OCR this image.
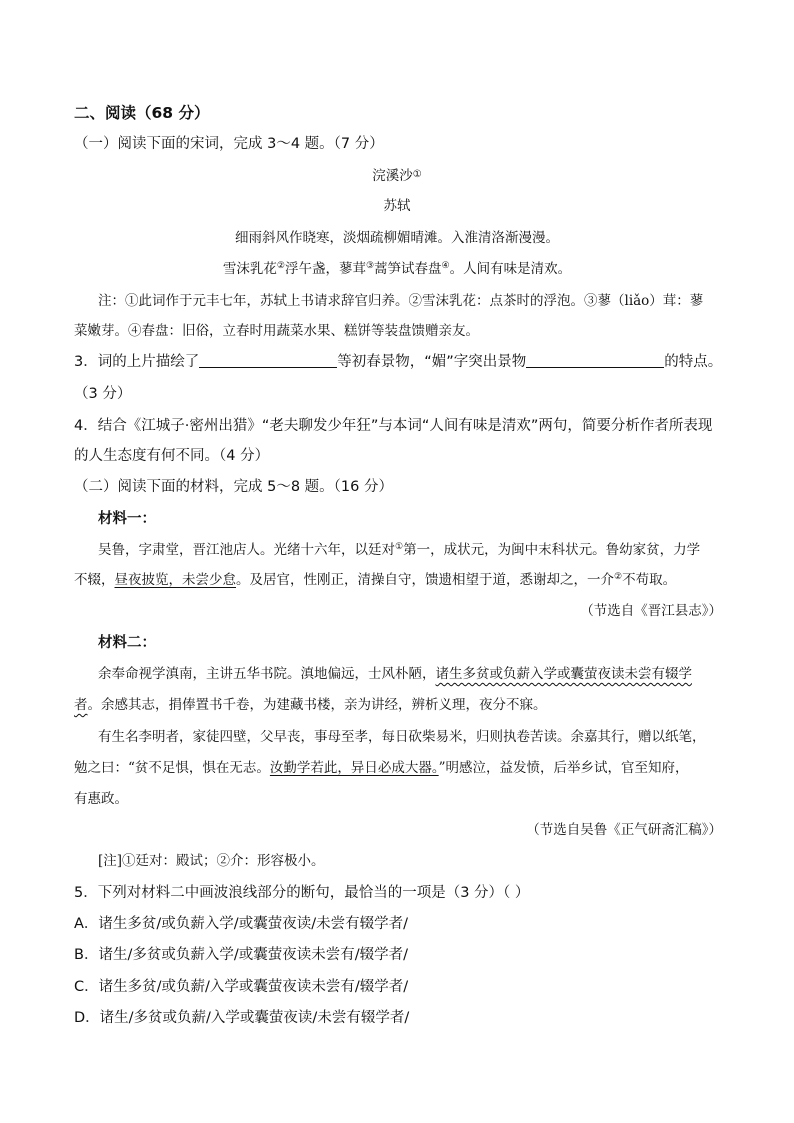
二、阅读（68 分）
（一）阅读下面的宋词，完成 3～4 题。（7 分）
浣溪沙①
苏轼
细雨斜风作晓寒，淡烟疏柳媚晴滩。入淮清洛渐漫漫。
雪沫乳花②浮午盏，蓼茸③蒿笋试春盘④。人间有味是清欢。
注：①此词作于元丰七年，苏轼上书请求辞官归养。②雪沫乳花：点茶时的浮泡。③蓼（liǎo）茸：蓼
菜嫩芽。④春盘：旧俗，立春时用蔬菜水果、糕饼等装盘馈赠亲友。
3．词的上片描绘了	等初春景物，“媚”字突出景物	的特点。
（3 分）
4．结合《江城子·密州出猎》“老夫聊发少年狂”与本词“人间有味是清欢”两句，简要分析作者所表现
的人生态度有何不同。（4 分）
（二）阅读下面的材料，完成 5～8 题。（16 分）
材料一：
吴鲁，字肃堂，晋江池店人。光绪十六年，以廷对①第一，成状元，为闽中末科状元。鲁幼家贫，力学
不辍，昼夜披览，未尝少怠。及居官，性刚正，清操自守，馈遗相望于道，悉谢却之，一介②不苟取。
（节选自《晋江县志》）
材料二：
余奉命视学滇南，主讲五华书院。滇地偏远，士风朴陋，诸生多贫或负薪入学或囊萤夜读未尝有辍学
者。余感其志，捐俸置书千卷，为建藏书楼，亲为讲经，辨析义理，夜分不寐。
有生名李明者，家徒四壁，父早丧，事母至孝，每日砍柴易米，归则执卷苦读。余嘉其行，赠以纸笔，
勉之曰：“贫不足惧，惧在无志。汝勤学若此，异日必成大器。”明感泣，益发愤，后举乡试，官至知府，
有惠政。
（节选自吴鲁《正气研斋汇稿》）
[注]①廷对：殿试；②介：形容极小。
5．下列对材料二中画波浪线部分的断句，最恰当的一项是（3 分）（ ）
A．诸生多贫/或负薪入学/或囊萤夜读/未尝有辍学者/
B．诸生/多贫或负薪入学/或囊萤夜读未尝有/辍学者/
C．诸生多贫/或负薪/入学或囊萤夜读未尝有/辍学者/
D．诸生/多贫或负薪/入学或囊萤夜读/未尝有辍学者/
